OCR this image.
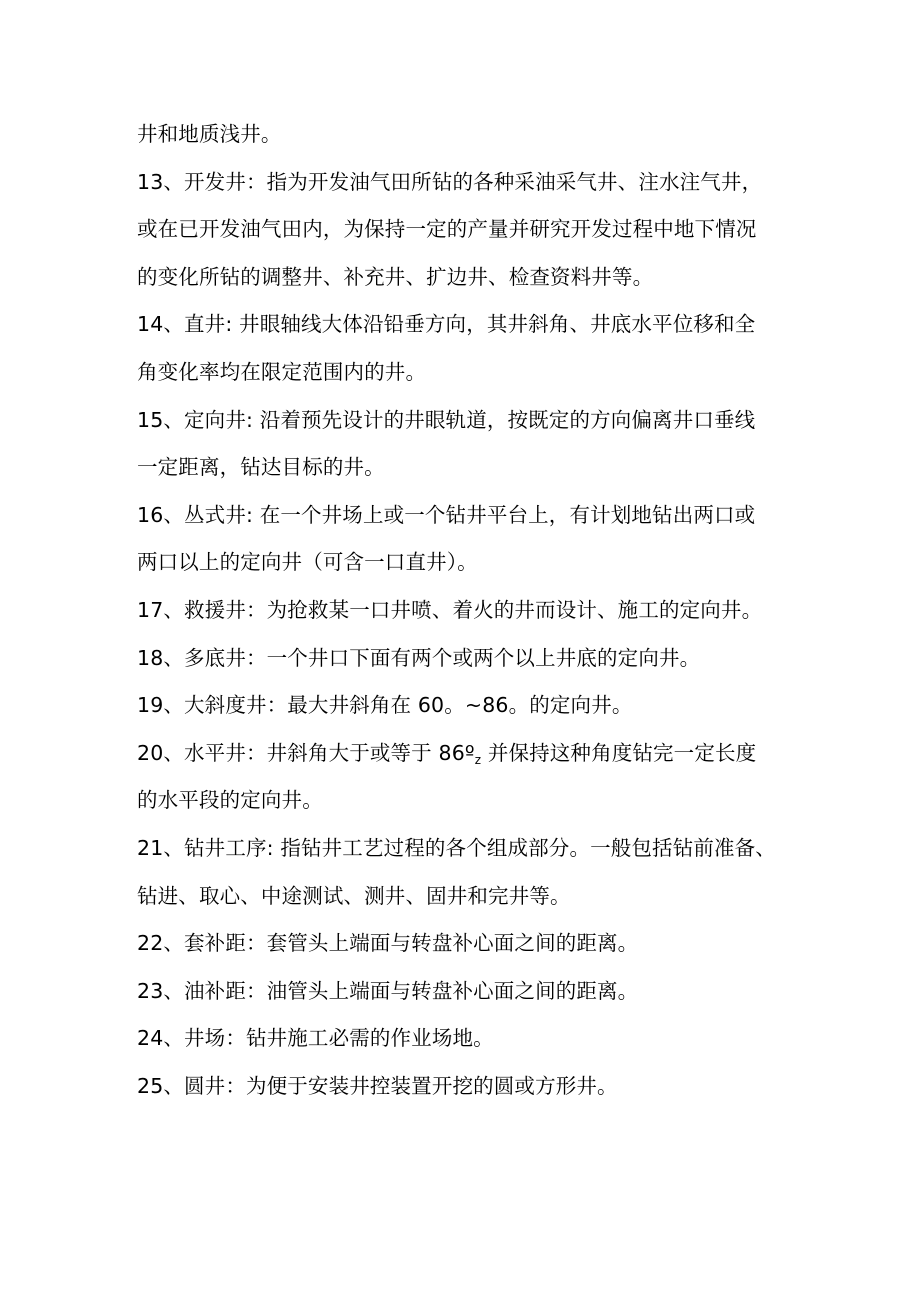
井和地质浅井。
13、开发井：指为开发油气田所钻的各种采油采气井、注水注气井，
或在已开发油气田内，为保持一定的产量并研究开发过程中地下情况
的变化所钻的调整井、补充井、扩边井、检查资料井等。
14、直井: 井眼轴线大体沿铅垂方向，其井斜角、井底水平位移和全
角变化率均在限定范围内的井。
15、定向井: 沿着预先设计的井眼轨道，按既定的方向偏离井口垂线
一定距离，钻达目标的井。
16、丛式井: 在一个井场上或一个钻井平台上，有计划地钻出两口或
两口以上的定向井（可含一口直井）。
17、救援井：为抢救某一口井喷、着火的井而设计、施工的定向井。
18、多底井：一个井口下面有两个或两个以上井底的定向井。
19、大斜度井：最大井斜角在 60。~86。的定向井。
20、水平井：井斜角大于或等于 86º$_z$ 并保持这种角度钻完一定长度
的水平段的定向井。
21、钻井工序: 指钻井工艺过程的各个组成部分。一般包括钻前准备、
钻进、取心、中途测试、测井、固井和完井等。
22、套补距：套管头上端面与转盘补心面之间的距离。
23、油补距：油管头上端面与转盘补心面之间的距离。
24、井场：钻井施工必需的作业场地。
25、圆井：为便于安装井控装置开挖的圆或方形井。
